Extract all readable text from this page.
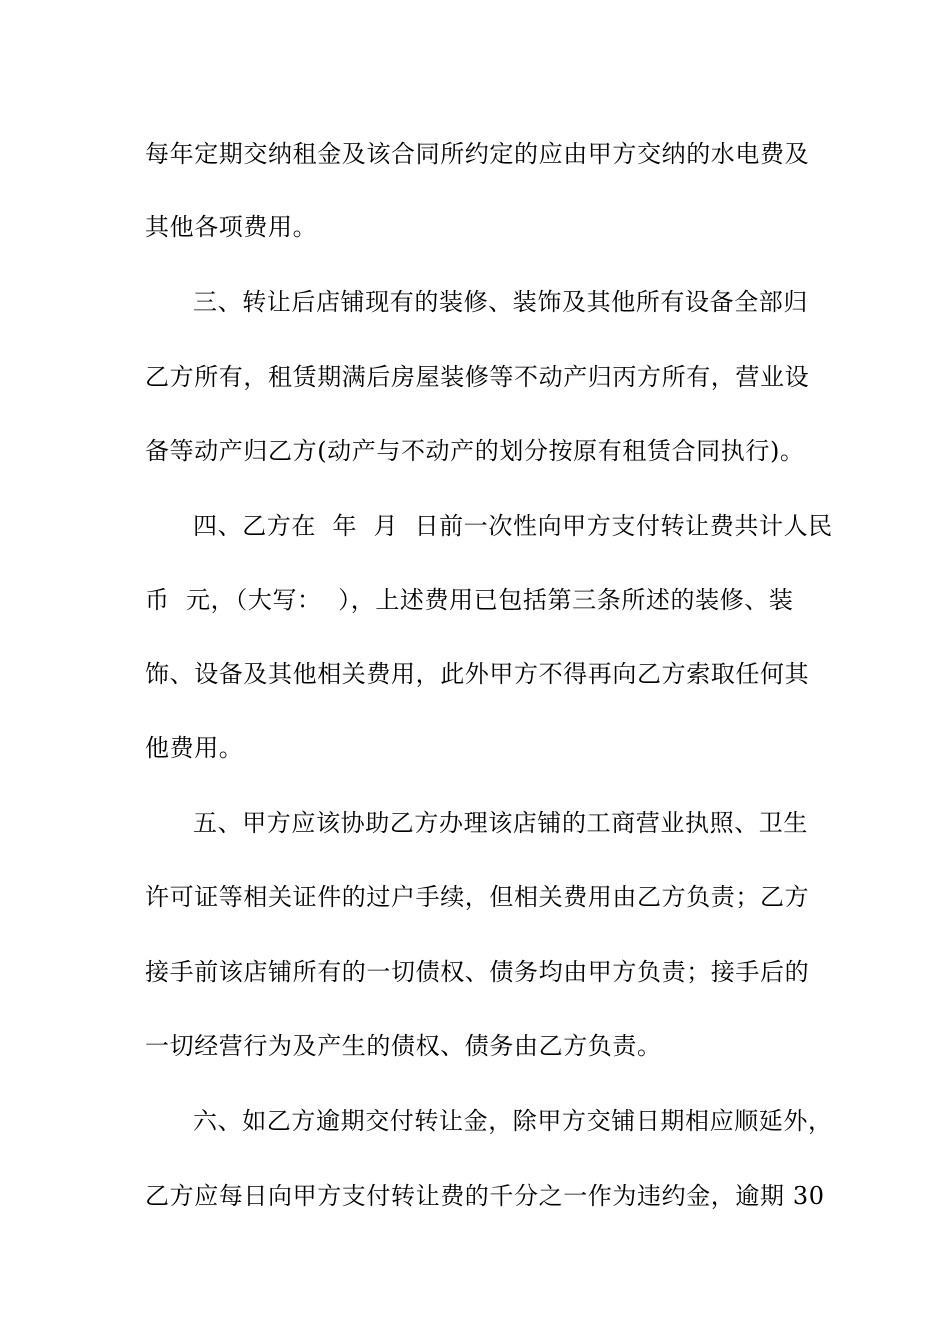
每年定期交纳租金及该合同所约定的应由甲方交纳的水电费及
其他各项费用。
三、转让后店铺现有的装修、装饰及其他所有设备全部归
乙方所有，租赁期满后房屋装修等不动产归丙方所有，营业设
备等动产归乙方(动产与不动产的划分按原有租赁合同执行)。
四、乙方在  年  月  日前一次性向甲方支付转让费共计人民
币  元，（大写：  ），上述费用已包括第三条所述的装修、装
饰、设备及其他相关费用，此外甲方不得再向乙方索取任何其
他费用。
五、甲方应该协助乙方办理该店铺的工商营业执照、卫生
许可证等相关证件的过户手续，但相关费用由乙方负责；乙方
接手前该店铺所有的一切债权、债务均由甲方负责；接手后的
一切经营行为及产生的债权、债务由乙方负责。
六、如乙方逾期交付转让金，除甲方交铺日期相应顺延外，
乙方应每日向甲方支付转让费的千分之一作为违约金，逾期 30
